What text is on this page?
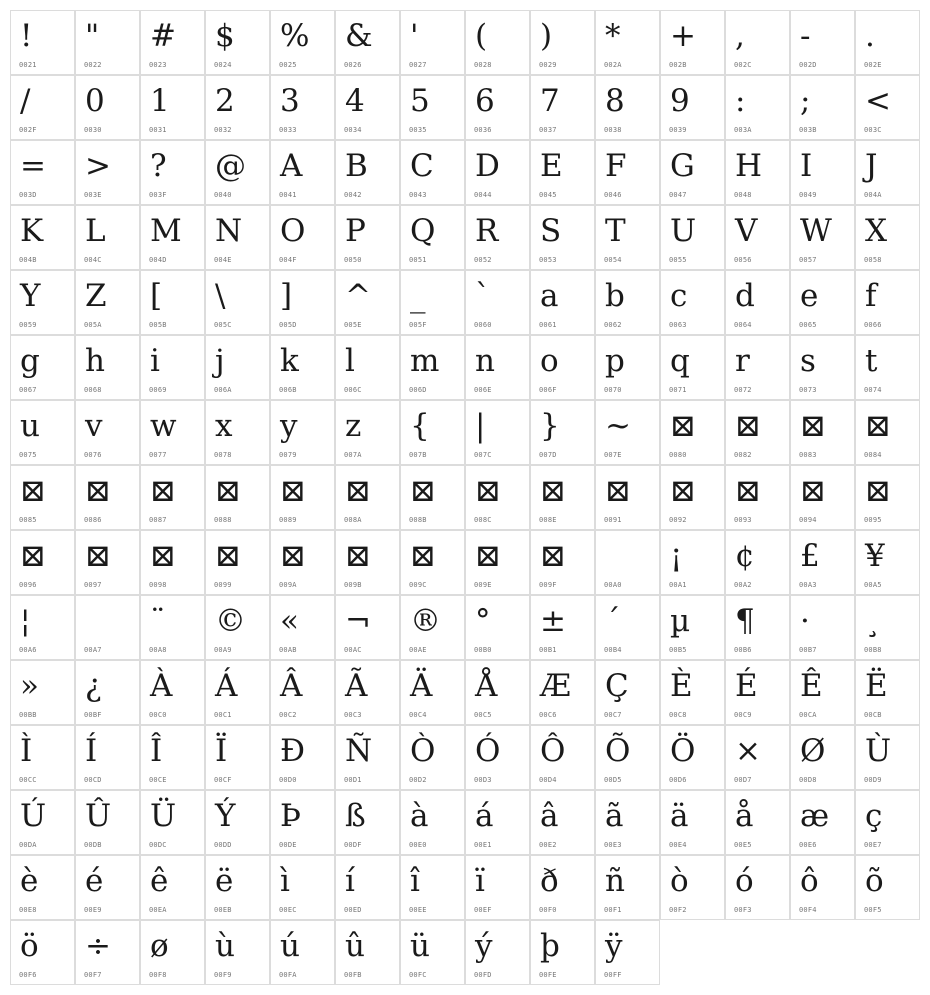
!
0021
"
0022
#
0023
$
0024
%
0025
&
0026
'
0027
(
0028
)
0029
*
002A
+
002B
,
002C
-
002D
.
002E
/
002F
0
0030
1
0031
2
0032
3
0033
4
0034
5
0035
6
0036
7
0037
8
0038
9
0039
:
003A
;
003B
<
003C
=
003D
>
003E
?
003F
@
0040
A
0041
B
0042
C
0043
D
0044
E
0045
F
0046
G
0047
H
0048
I
0049
J
004A
K
004B
L
004C
M
004D
N
004E
O
004F
P
0050
Q
0051
R
0052
S
0053
T
0054
U
0055
V
0056
W
0057
X
0058
Y
0059
Z
005A
[
005B
\
005C
]
005D
^
005E
_
005F
`
0060
a
0061
b
0062
c
0063
d
0064
e
0065
f
0066
g
0067
h
0068
i
0069
j
006A
k
006B
l
006C
m
006D
n
006E
o
006F
p
0070
q
0071
r
0072
s
0073
t
0074
u
0075
v
0076
w
0077
x
0078
y
0079
z
007A
{
007B
|
007C
}
007D
~
007E
⊠
0080
⊠
0082
⊠
0083
⊠
0084
⊠
0085
⊠
0086
⊠
0087
⊠
0088
⊠
0089
⊠
008A
⊠
008B
⊠
008C
⊠
008E
⊠
0091
⊠
0092
⊠
0093
⊠
0094
⊠
0095
⊠
0096
⊠
0097
⊠
0098
⊠
0099
⊠
009A
⊠
009B
⊠
009C
⊠
009E
⊠
009F	00A0
¡
00A1
¢
00A2
£
00A3
¥
00A5
¦
00A6	00A7
¨
00A8
©
00A9
«
00AB
¬
00AC
®
00AE
°
00B0
±
00B1
´
00B4
µ
00B5
¶
00B6
·
00B7
¸
00B8
»
00BB
¿
00BF
À
00C0
Á
00C1
Â
00C2
Ã
00C3
Ä
00C4
Å
00C5
Æ
00C6
Ç
00C7
È
00C8
É
00C9
Ê
00CA
Ë
00CB
Ì
00CC
Í
00CD
Î
00CE
Ï
00CF
Ð
00D0
Ñ
00D1
Ò
00D2
Ó
00D3
Ô
00D4
Õ
00D5
Ö
00D6
×
00D7
Ø
00D8
Ù
00D9
Ú
00DA
Û
00DB
Ü
00DC
Ý
00DD
Þ
00DE
ß
00DF
à
00E0
á
00E1
â
00E2
ã
00E3
ä
00E4
å
00E5
æ
00E6
ç
00E7
è
00E8
é
00E9
ê
00EA
ë
00EB
ì
00EC
í
00ED
î
00EE
ï
00EF
ð
00F0
ñ
00F1
ò
00F2
ó
00F3
ô
00F4
õ
00F5
ö
00F6
÷
00F7
ø
00F8
ù
00F9
ú
00FA
û
00FB
ü
00FC
ý
00FD
þ
00FE
ÿ
00FF
